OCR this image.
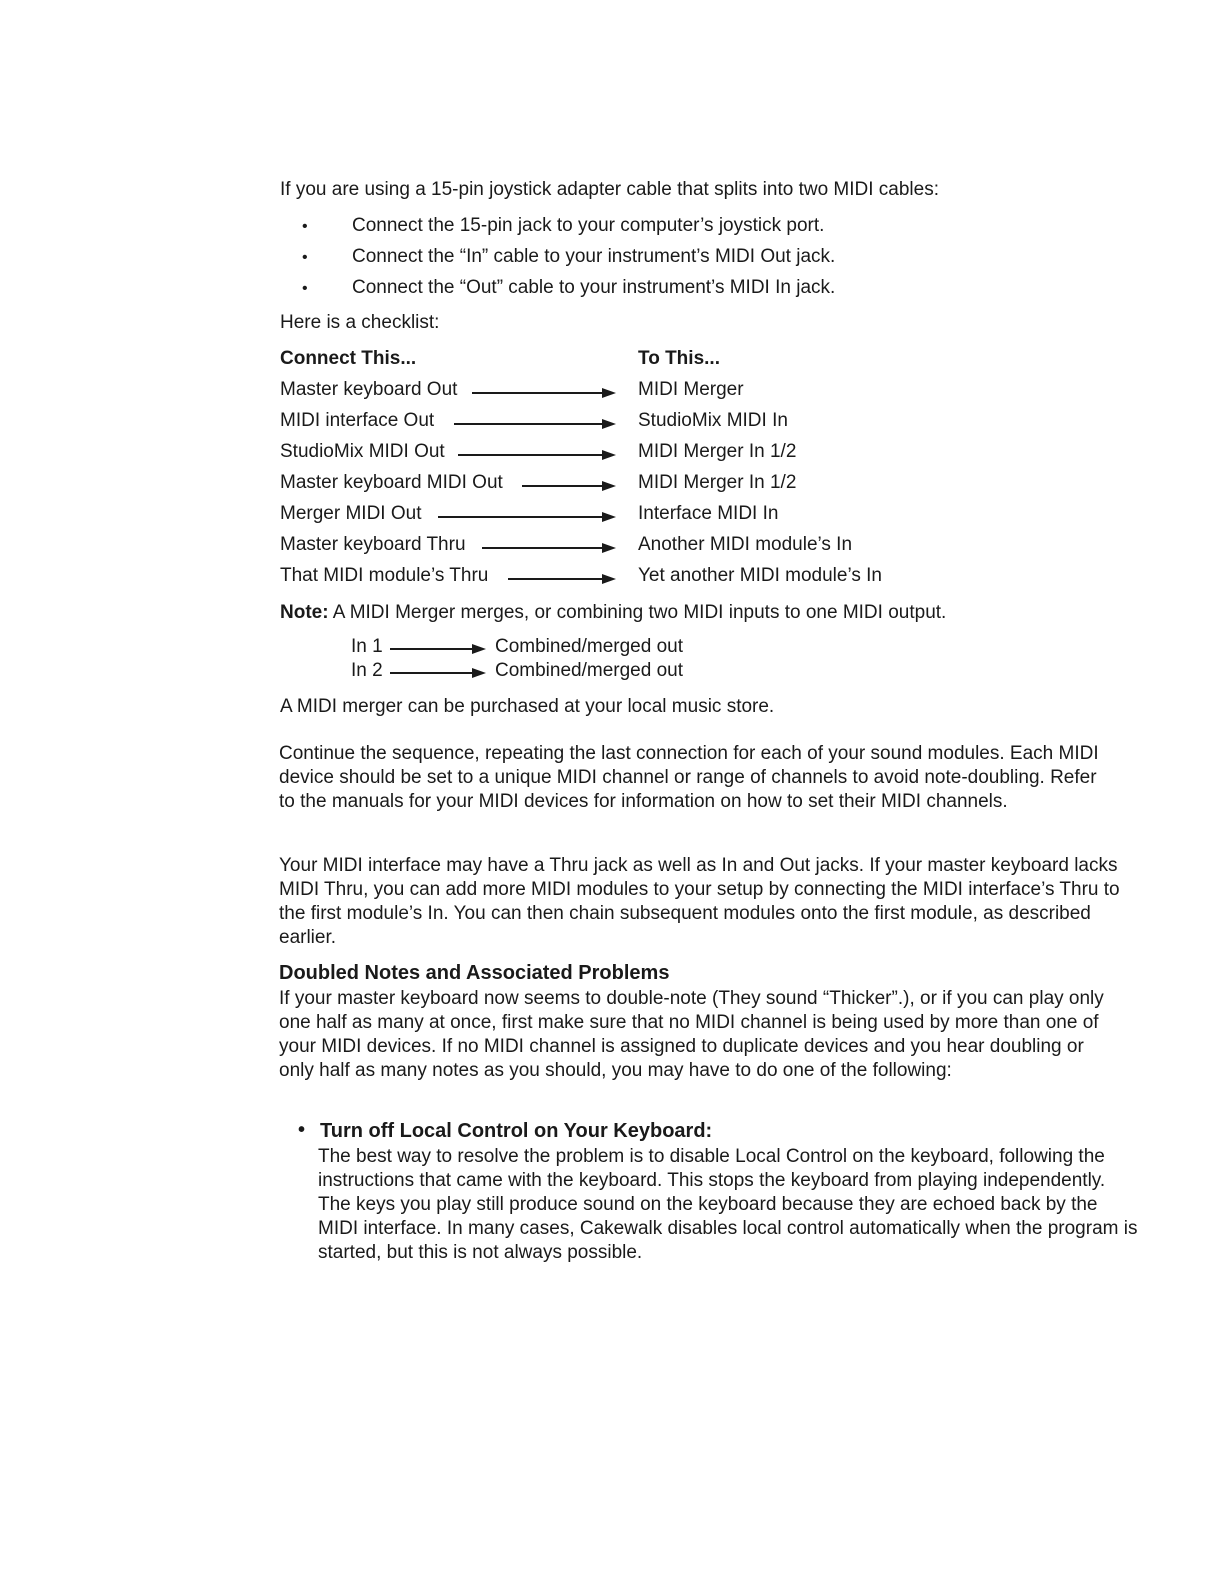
If you are using a 15-pin joystick adapter cable that splits into two MIDI cables:
• Connect the 15-pin jack to your computer’s joystick port.
• Connect the “In” cable to your instrument’s MIDI Out jack.
• Connect the “Out” cable to your instrument’s MIDI In jack.
Here is a checklist:
Connect This...	To This...
Master keyboard Out	MIDI Merger
MIDI interface Out	StudioMix MIDI In
StudioMix MIDI Out	MIDI Merger In 1/2
Master keyboard MIDI Out	MIDI Merger In 1/2
Merger MIDI Out	Interface MIDI In
Master keyboard Thru	Another MIDI module’s In
That MIDI module’s Thru	Yet another MIDI module’s In
Note: A MIDI Merger merges, or combining two MIDI inputs to one MIDI output.
In 1	Combined/merged out
In 2	Combined/merged out
A MIDI merger can be purchased at your local music store.
Continue the sequence, repeating the last connection for each of your sound modules. Each MIDI device should be set to a unique MIDI channel or range of channels to avoid note-doubling. Refer to the manuals for your MIDI devices for information on how to set their MIDI channels.
Your MIDI interface may have a Thru jack as well as In and Out jacks. If your master keyboard lacks MIDI Thru, you can add more MIDI modules to your setup by connecting the MIDI interface’s Thru to the first module’s In. You can then chain subsequent modules onto the first module, as described earlier.
Doubled Notes and Associated Problems
If your master keyboard now seems to double-note (They sound “Thicker”.), or if you can play only one half as many at once, first make sure that no MIDI channel is being used by more than one of your MIDI devices. If no MIDI channel is assigned to duplicate devices and you hear doubling or only half as many notes as you should, you may have to do one of the following:
• Turn off Local Control on Your Keyboard:
The best way to resolve the problem is to disable Local Control on the keyboard, following the instructions that came with the keyboard. This stops the keyboard from playing independently. The keys you play still produce sound on the keyboard because they are echoed back by the MIDI interface. In many cases, Cakewalk disables local control automatically when the program is started, but this is not always possible.
